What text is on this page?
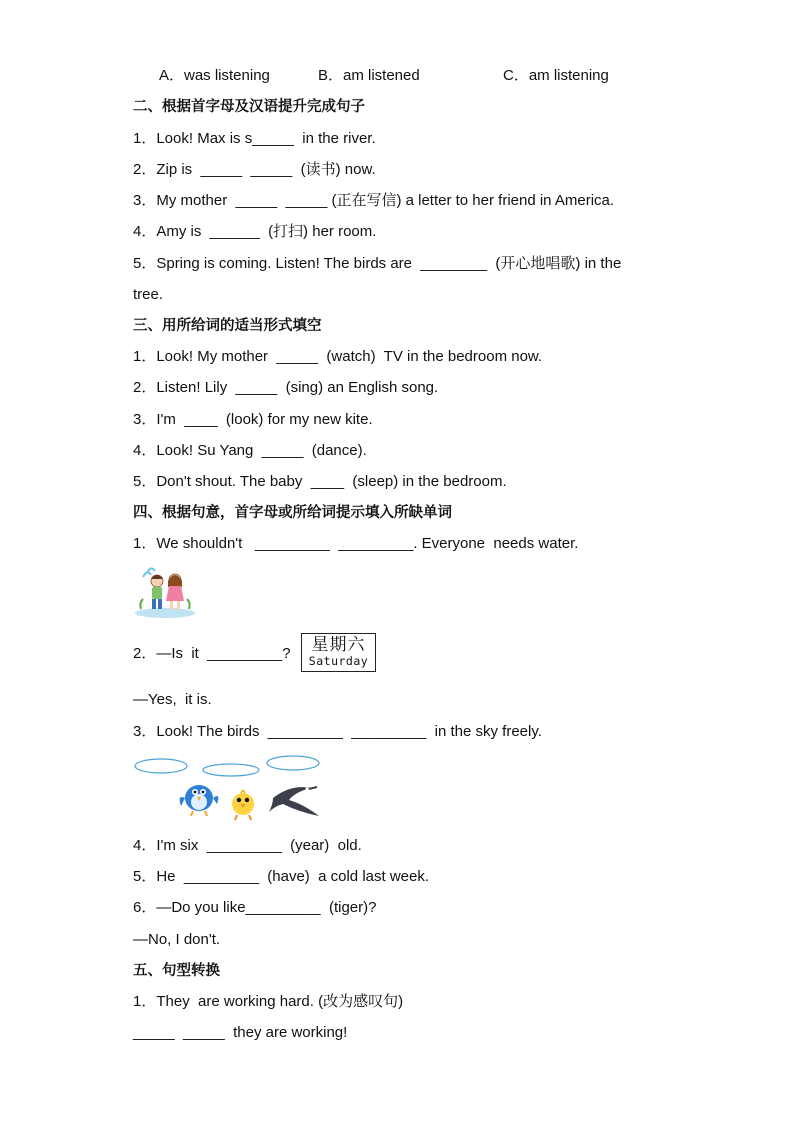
A．was listening	B．am listened	C．am listening
二、根据首字母及汉语提升完成句子
1．Look! Max is s_____  in the river.
2．Zip is  _____  _____  (读书) now.
3．My mother  _____  _____ (正在写信) a letter to her friend in America.
4．Amy is  ______  (打扫) her room.
5．Spring is coming. Listen! The birds are  ________  (开心地唱歌) in the
tree.
三、用所给词的适当形式填空
1．Look! My mother  _____  (watch)  TV in the bedroom now.
2．Listen! Lily  _____  (sing) an English song.
3．I'm  ____  (look) for my new kite.
4．Look! Su Yang  _____  (dance).
5．Don't shout. The baby  ____  (sleep) in the bedroom.
四、根据句意，首字母或所给词提示填入所缺单词
1．We shouldn't   _________  _________. Everyone  needs water.
2．—Is  it  _________?	星期六
Saturday
—Yes,  it is.
3．Look! The birds  _________  _________  in the sky freely.
4．I'm six  _________  (year)  old.
5．He  _________  (have)  a cold last week.
6．—Do you like_________  (tiger)?
—No, I don't.
五、句型转换
1．They  are working hard. (改为感叹句)
_____  _____  they are working!
